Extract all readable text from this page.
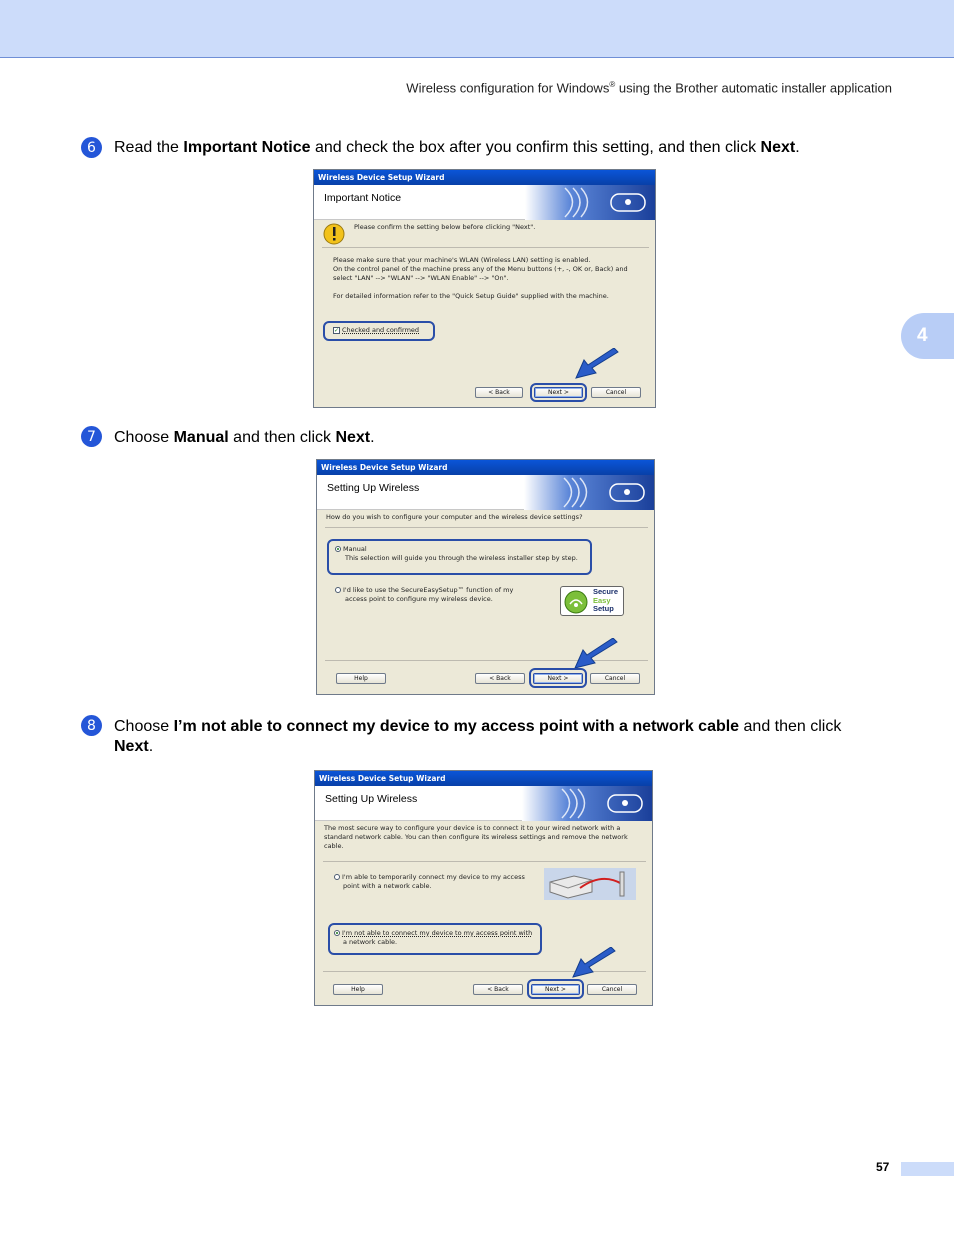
Wireless configuration for Windows® using the Brother automatic installer application
4
6	Read the Important Notice and check the box after you confirm this setting, and then click Next.
Wireless Device Setup Wizard
Important Notice
Please confirm the setting below before clicking "Next".
Please make sure that your machine's WLAN (Wireless LAN) setting is enabled.
On the control panel of the machine press any of the Menu buttons (+, -, OK or, Back) and
select "LAN" --> "WLAN" --> "WLAN Enable" --> "On".
For detailed information refer to the "Quick Setup Guide" supplied with the machine.
✓ Checked and confirmed
< Back	Next >	Cancel
7	Choose Manual and then click Next.
Wireless Device Setup Wizard
Setting Up Wireless
How do you wish to configure your computer and the wireless device settings?
Manual
This selection will guide you through the wireless installer step by step.
I'd like to use the SecureEasySetup™ function of my
access point to configure my wireless device.
Secure
Easy
Setup
Help	< Back	Next >	Cancel
8	Choose I’m not able to connect my device to my access point with a network cable and then click
Next.
Wireless Device Setup Wizard
Setting Up Wireless
The most secure way to configure your device is to connect it to your wired network with a
standard network cable. You can then configure its wireless settings and remove the network
cable.
I'm able to temporarily connect my device to my access
point with a network cable.
I'm not able to connect my device to my access point with
a network cable.
Help	< Back	Next >	Cancel
57
